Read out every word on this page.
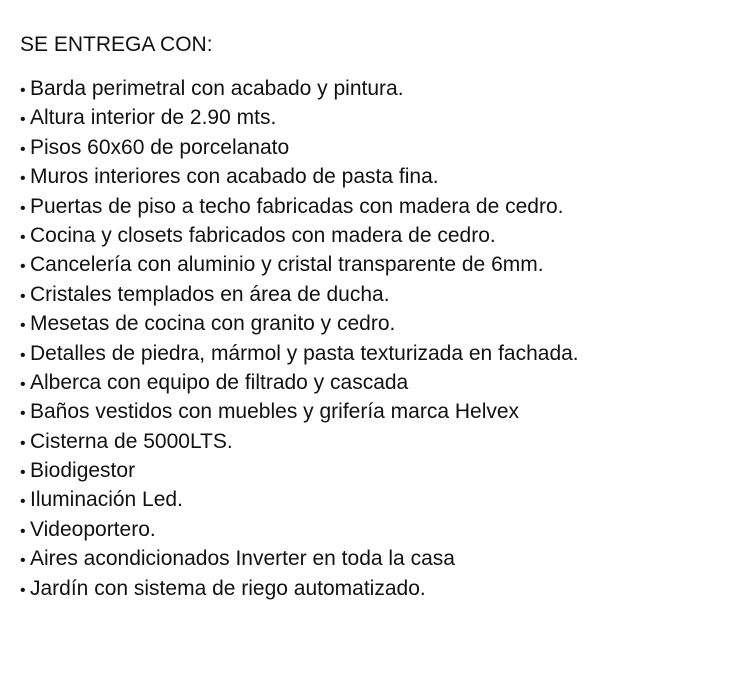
SE ENTREGA CON:
• Barda perimetral con acabado y pintura.
• Altura interior de 2.90 mts.
• Pisos 60x60 de porcelanato
• Muros interiores con acabado de pasta fina.
• Puertas de piso a techo fabricadas con madera de cedro.
• Cocina y closets fabricados con madera de cedro.
• Cancelería con aluminio y cristal transparente de 6mm.
• Cristales templados en área de ducha.
• Mesetas de cocina con granito y cedro.
• Detalles de piedra, mármol y pasta texturizada en fachada.
• Alberca con equipo de filtrado y cascada
• Baños vestidos con muebles y grifería marca Helvex
• Cisterna de 5000LTS.
• Biodigestor
• Iluminación Led.
• Videoportero.
• Aires acondicionados Inverter en toda la casa
• Jardín con sistema de riego automatizado.
